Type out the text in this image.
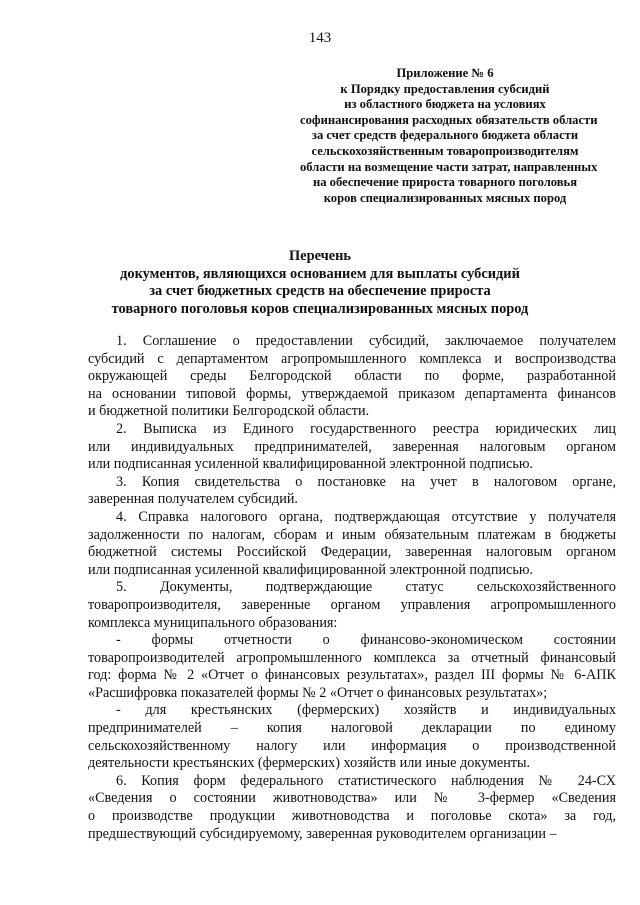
143
Приложение № 6
к Порядку предоставления субсидий
из областного бюджета на условиях
софинансирования расходных обязательств области
за счет средств федерального бюджета области
сельскохозяйственным товаропроизводителям
области на возмещение части затрат, направленных
на обеспечение прироста товарного поголовья
коров специализированных мясных пород
Перечень
документов, являющихся основанием для выплаты субсидий
за счет бюджетных средств на обеспечение прироста
товарного поголовья коров специализированных мясных пород
1. Соглашение о предоставлении субсидий, заключаемое получателем
субсидий с департаментом агропромышленного комплекса и воспроизводства
окружающей среды Белгородской области по форме, разработанной
на основании типовой формы, утверждаемой приказом департамента финансов
и бюджетной политики Белгородской области.
2. Выписка из Единого государственного реестра юридических лиц
или индивидуальных предпринимателей, заверенная налоговым органом
или подписанная усиленной квалифицированной электронной подписью.
3. Копия свидетельства о постановке на учет в налоговом органе,
заверенная получателем субсидий.
4. Справка налогового органа, подтверждающая отсутствие у получателя
задолженности по налогам, сборам и иным обязательным платежам в бюджеты
бюджетной системы Российской Федерации, заверенная налоговым органом
или подписанная усиленной квалифицированной электронной подписью.
5. Документы, подтверждающие статус сельскохозяйственного
товаропроизводителя, заверенные органом управления агропромышленного
комплекса муниципального образования:
- формы отчетности о финансово-экономическом состоянии
товаропроизводителей агропромышленного комплекса за отчетный финансовый
год: форма № 2 «Отчет о финансовых результатах», раздел III формы № 6-АПК
«Расшифровка показателей формы № 2 «Отчет о финансовых результатах»;
- для крестьянских (фермерских) хозяйств и индивидуальных
предпринимателей – копия налоговой декларации по единому
сельскохозяйственному налогу или информация о производственной
деятельности крестьянских (фермерских) хозяйств или иные документы.
6. Копия форм федерального статистического наблюдения № 24-СХ
«Сведения о состоянии животноводства» или № 3-фермер «Сведения
о производстве продукции животноводства и поголовье скота» за год,
предшествующий субсидируемому, заверенная руководителем организации –
